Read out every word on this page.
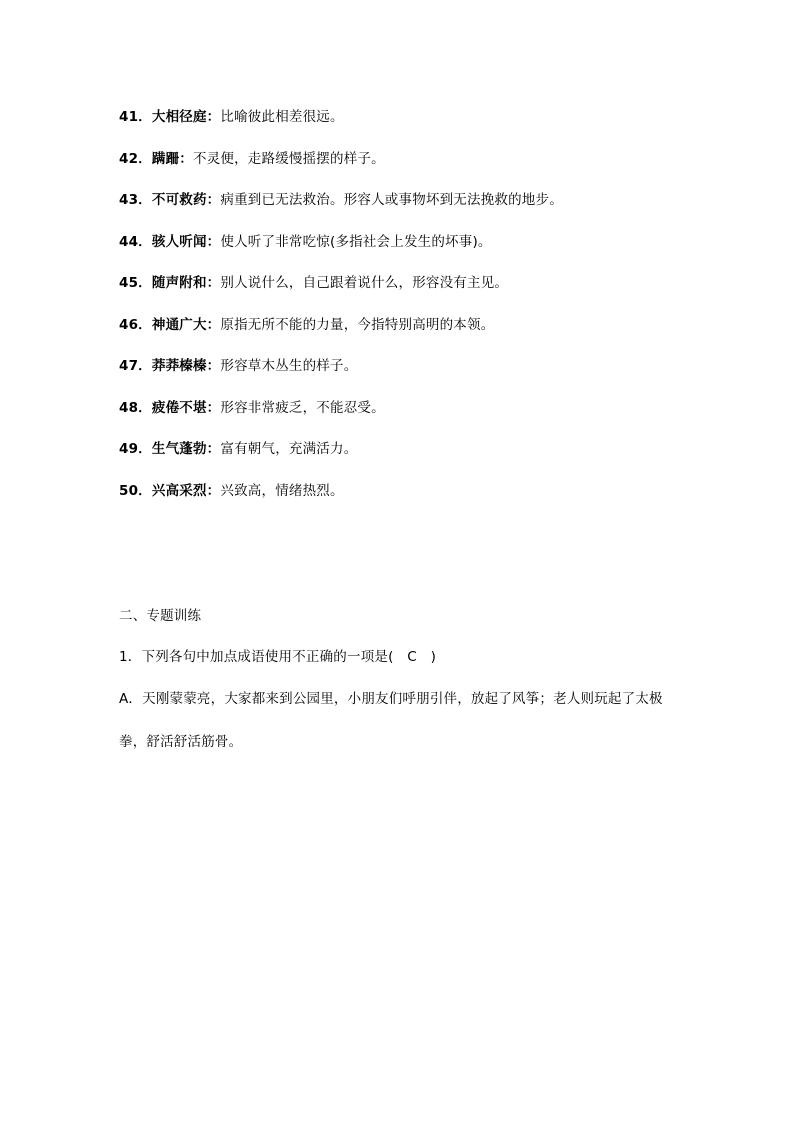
41．大相径庭：比喻彼此相差很远。
42．蹒跚：不灵便，走路缓慢摇摆的样子。
43．不可救药：病重到已无法救治。形容人或事物坏到无法挽救的地步。
44．骇人听闻：使人听了非常吃惊(多指社会上发生的坏事)。
45．随声附和：别人说什么，自己跟着说什么，形容没有主见。
46．神通广大：原指无所不能的力量，今指特别高明的本领。
47．莽莽榛榛：形容草木丛生的样子。
48．疲倦不堪：形容非常疲乏，不能忍受。
49．生气蓬勃：富有朝气，充满活力。
50．兴高采烈：兴致高，情绪热烈。
二、专题训练
1．下列各句中加点成语使用不正确的一项是(　C　)
A．天刚蒙蒙亮，大家都来到公园里，小朋友们呼朋引伴，放起了风筝；老人则玩起了太极
拳，舒活舒活筋骨。
